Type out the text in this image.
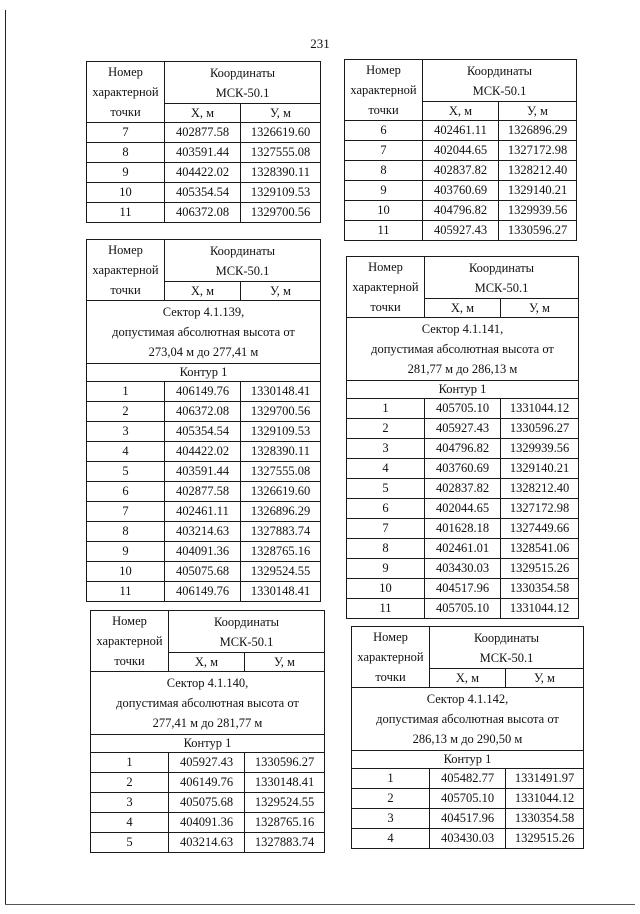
231
Номер
характерной
точки	Координаты
МСК-50.1	

	Х, м	У, м
7	402877.58	1326619.60
8	403591.44	1327555.08
9	404422.02	1328390.11
10	405354.54	1329109.53
11	406372.08	1329700.56
Номер
характерной
точки	Координаты
МСК-50.1	

	Х, м	У, м
6	402461.11	1326896.29
7	402044.65	1327172.98
8	402837.82	1328212.40
9	403760.69	1329140.21
10	404796.82	1329939.56
11	405927.43	1330596.27
Номер
характерной
точки	Координаты
МСК-50.1	

	Х, м	У, м

Сектор 4.1.139,
допустимая абсолютная высота от
273,04 м до 277,41 м		

Контур 1		
1	406149.76	1330148.41
2	406372.08	1329700.56
3	405354.54	1329109.53
4	404422.02	1328390.11
5	403591.44	1327555.08
6	402877.58	1326619.60
7	402461.11	1326896.29
8	403214.63	1327883.74
9	404091.36	1328765.16
10	405075.68	1329524.55
11	406149.76	1330148.41
Номер
характерной
точки	Координаты
МСК-50.1	

	Х, м	У, м

Сектор 4.1.141,
допустимая абсолютная высота от
281,77 м до 286,13 м		

Контур 1		
1	405705.10	1331044.12
2	405927.43	1330596.27
3	404796.82	1329939.56
4	403760.69	1329140.21
5	402837.82	1328212.40
6	402044.65	1327172.98
7	401628.18	1327449.66
8	402461.01	1328541.06
9	403430.03	1329515.26
10	404517.96	1330354.58
11	405705.10	1331044.12
Номер
характерной
точки	Координаты
МСК-50.1	

	Х, м	У, м

Сектор 4.1.140,
допустимая абсолютная высота от
277,41 м до 281,77 м		

Контур 1		
1	405927.43	1330596.27
2	406149.76	1330148.41
3	405075.68	1329524.55
4	404091.36	1328765.16
5	403214.63	1327883.74
Номер
характерной
точки	Координаты
МСК-50.1	

	Х, м	У, м

Сектор 4.1.142,
допустимая абсолютная высота от
286,13 м до 290,50 м		

Контур 1		
1	405482.77	1331491.97
2	405705.10	1331044.12
3	404517.96	1330354.58
4	403430.03	1329515.26
